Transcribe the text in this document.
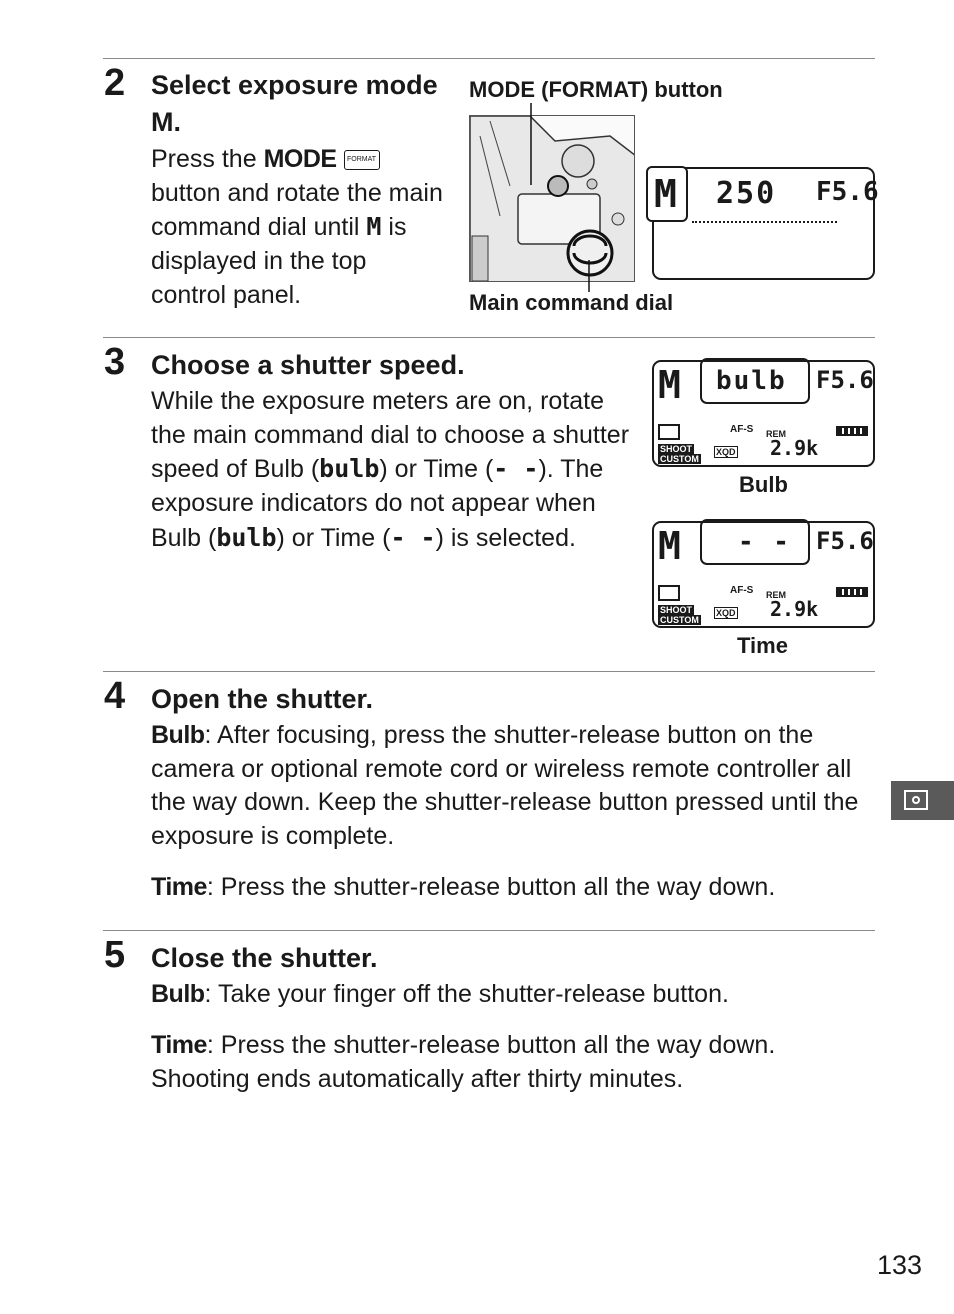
2 Select exposure mode M.

Press the MODE FORMAT button and rotate the main command dial until M is displayed in the top control panel.

MODE (FORMAT) button
Main command dial
M 250 F5.6
3 Choose a shutter speed.

While the exposure meters are on, rotate the main command dial to choose a shutter speed of Bulb (bulb) or Time (- -). The exposure indicators do not appear when Bulb (bulb) or Time (- -) is selected.

M bulb F5.6
SHOOT
CUSTOM
AF-S
XQD
REM
2.9k
Bulb
M - - F5.6
SHOOT
CUSTOM
AF-S
XQD
REM
2.9k
Time
4 Open the shutter.

Bulb: After focusing, press the shutter-release button on the camera or optional remote cord or wireless remote controller all the way down. Keep the shutter-release button pressed until the exposure is complete.

Time: Press the shutter-release button all the way down.

5 Close the shutter.

Bulb: Take your finger off the shutter-release button.

Time: Press the shutter-release button all the way down. Shooting ends automatically after thirty minutes.

133
